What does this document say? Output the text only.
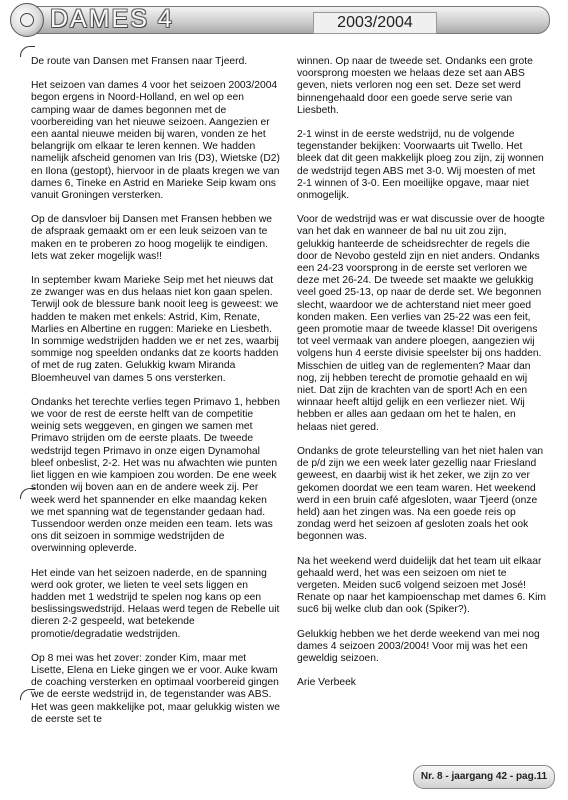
DAMES 4	2003/2004

De route van Dansen met Fransen naar Tjeerd.

Het seizoen van dames 4 voor het seizoen 2003/2004 begon ergens in Noord-Holland, en wel op een camping waar de dames begonnen met de voorbereiding van het nieuwe seizoen. Aangezien er een aantal nieuwe meiden bij waren, vonden ze het belangrijk om elkaar te leren kennen. We hadden namelijk afscheid genomen van Iris (D3), Wietske (D2) en Ilona (gestopt), hiervoor in de plaats kregen we van dames 6, Tineke en Astrid en Marieke Seip kwam ons vanuit Groningen versterken.

Op de dansvloer bij Dansen met Fransen hebben we de afspraak gemaakt om er een leuk seizoen van te maken en te proberen zo hoog mogelijk te eindigen. Iets wat zeker mogelijk was!!

In september kwam Marieke Seip met het nieuws dat ze zwanger was en dus helaas niet kon gaan spelen. Terwijl ook de blessure bank nooit leeg is geweest: we hadden te maken met enkels: Astrid, Kim, Renate, Marlies en Albertine en ruggen: Marieke en Liesbeth. In sommige wedstrijden hadden we er net zes, waarbij sommige nog speelden ondanks dat ze koorts hadden of met de rug zaten. Gelukkig kwam Miranda Bloemheuvel van dames 5 ons versterken.

Ondanks het terechte verlies tegen Primavo 1, hebben we voor de rest de eerste helft van de competitie weinig sets weggeven, en gingen we samen met Primavo strijden om de eerste plaats. De tweede wedstrijd tegen Primavo in onze eigen Dynamohal bleef onbeslist, 2-2. Het was nu afwachten wie punten liet liggen en wie kampioen zou worden. De ene week stonden wij boven aan en de andere week zij. Per week werd het spannender en elke maandag keken we met spanning wat de tegenstander gedaan had. Tussendoor werden onze meiden een team. Iets was ons dit seizoen in sommige wedstrijden de overwinning opleverde.

Het einde van het seizoen naderde, en de spanning werd ook groter, we lieten te veel sets liggen en hadden met 1 wedstrijd te spelen nog kans op een beslissingswedstrijd. Helaas werd tegen de Rebelle uit dieren 2-2 gespeeld, wat betekende promotie/degradatie wedstrijden.

Op 8 mei was het zover: zonder Kim, maar met Lisette, Elena en Lieke gingen we er voor. Auke kwam de coaching versterken en optimaal voorbereid gingen we de eerste wedstrijd in, de tegenstander was ABS. Het was geen makkelijke pot, maar gelukkig wisten we de eerste set te

winnen. Op naar de tweede set. Ondanks een grote voorsprong moesten we helaas deze set aan ABS geven, niets verloren nog een set. Deze set werd binnengehaald door een goede serve serie van Liesbeth.

2-1 winst in de eerste wedstrijd, nu de volgende tegenstander bekijken: Voorwaarts uit Twello. Het bleek dat dit geen makkelijk ploeg zou zijn, zij wonnen de wedstrijd tegen ABS met 3-0. Wij moesten of met 2-1 winnen of 3-0. Een moeilijke opgave, maar niet onmogelijk.

Voor de wedstrijd was er wat discussie over de hoogte van het dak en wanneer de bal nu uit zou zijn, gelukkig hanteerde de scheidsrechter de regels die door de Nevobo gesteld zijn en niet anders. Ondanks een 24-23 voorsprong in de eerste set verloren we deze met 26-24. De tweede set maakte we gelukkig veel goed 25-13, op naar de derde set. We begonnen slecht, waardoor we de achterstand niet meer goed konden maken. Een verlies van 25-22 was een feit, geen promotie maar de tweede klasse! Dit overigens tot veel vermaak van andere ploegen, aangezien wij volgens hun 4 eerste divisie speelster bij ons hadden. Misschien de uitleg van de reglementen? Maar dan nog, zij hebben terecht de promotie gehaald en wij niet. Dat zijn de krachten van de sport! Ach en een winnaar heeft altijd gelijk en een verliezer niet. Wij hebben er alles aan gedaan om het te halen, en helaas niet gered.

Ondanks de grote teleurstelling van het niet halen van de p/d zijn we een week later gezellig naar Friesland geweest, en daarbij wist ik het zeker, we zijn zo ver gekomen doordat we een team waren. Het weekend werd in een bruin café afgesloten, waar Tjeerd (onze held) aan het zingen was. Na een goede reis op zondag werd het seizoen af gesloten zoals het ook begonnen was.

Na het weekend werd duidelijk dat het team uit elkaar gehaald werd, het was een seizoen om niet te vergeten. Meiden suc6 volgend seizoen met José! Renate op naar het kampioenschap met dames 6. Kim suc6 bij welke club dan ook (Spiker?).

Gelukkig hebben we het derde weekend van mei nog dames 4 seizoen 2003/2004! Voor mij was het een geweldig seizoen.

Arie Verbeek

Nr. 8 - jaargang 42 - pag.11
